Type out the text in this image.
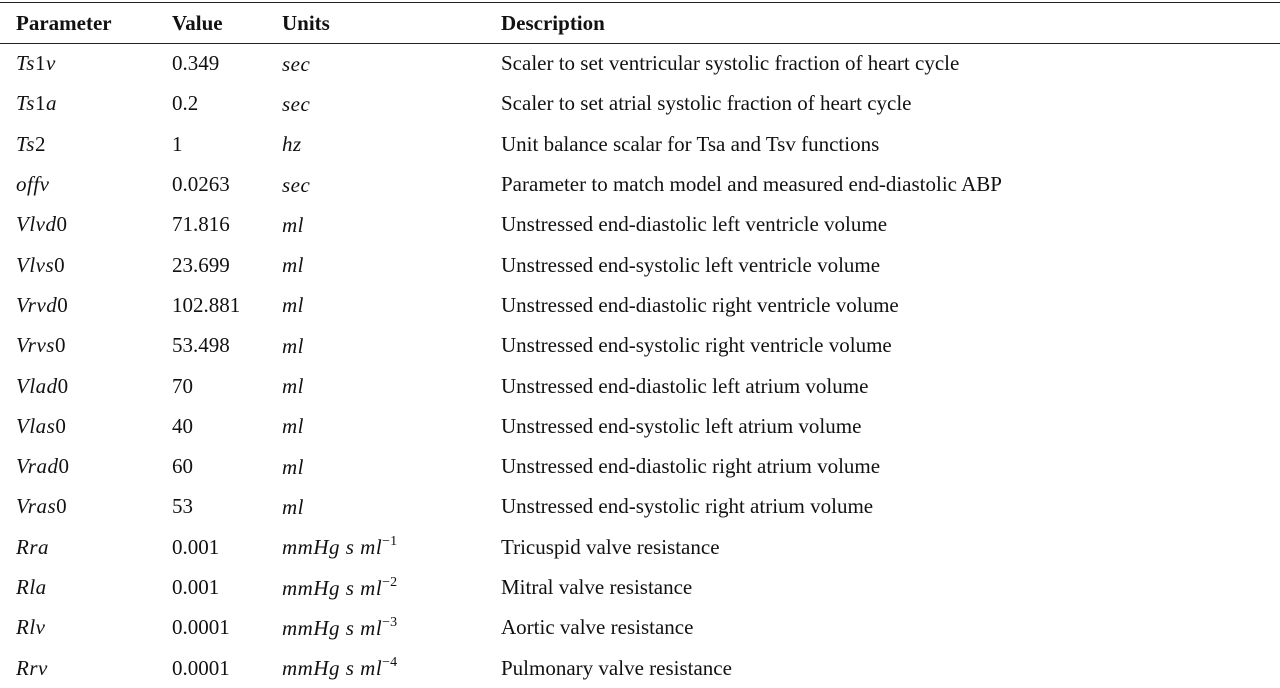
Parameter	Value	Units	Description
Ts1v	0.349	sec	Scaler to set ventricular systolic fraction of heart cycle
Ts1a	0.2	sec	Scaler to set atrial systolic fraction of heart cycle
Ts2	1	hz	Unit balance scalar for Tsa and Tsv functions
offv	0.0263	sec	Parameter to match model and measured end-diastolic ABP
Vlvd0	71.816	ml	Unstressed end-diastolic left ventricle volume
Vlvs0	23.699	ml	Unstressed end-systolic left ventricle volume
Vrvd0	102.881	ml	Unstressed end-diastolic right ventricle volume
Vrvs0	53.498	ml	Unstressed end-systolic right ventricle volume
Vlad0	70	ml	Unstressed end-diastolic left atrium volume
Vlas0	40	ml	Unstressed end-systolic left atrium volume
Vrad0	60	ml	Unstressed end-diastolic right atrium volume
Vras0	53	ml	Unstressed end-systolic right atrium volume
Rra	0.001	mmHg s $ml^{-1}$	Tricuspid valve resistance
Rla	0.001	mmHg s $ml^{-2}$	Mitral valve resistance
Rlv	0.0001	mmHg s $ml^{-3}$	Aortic valve resistance
Rrv	0.0001	mmHg s $ml^{-4}$	Pulmonary valve resistance
